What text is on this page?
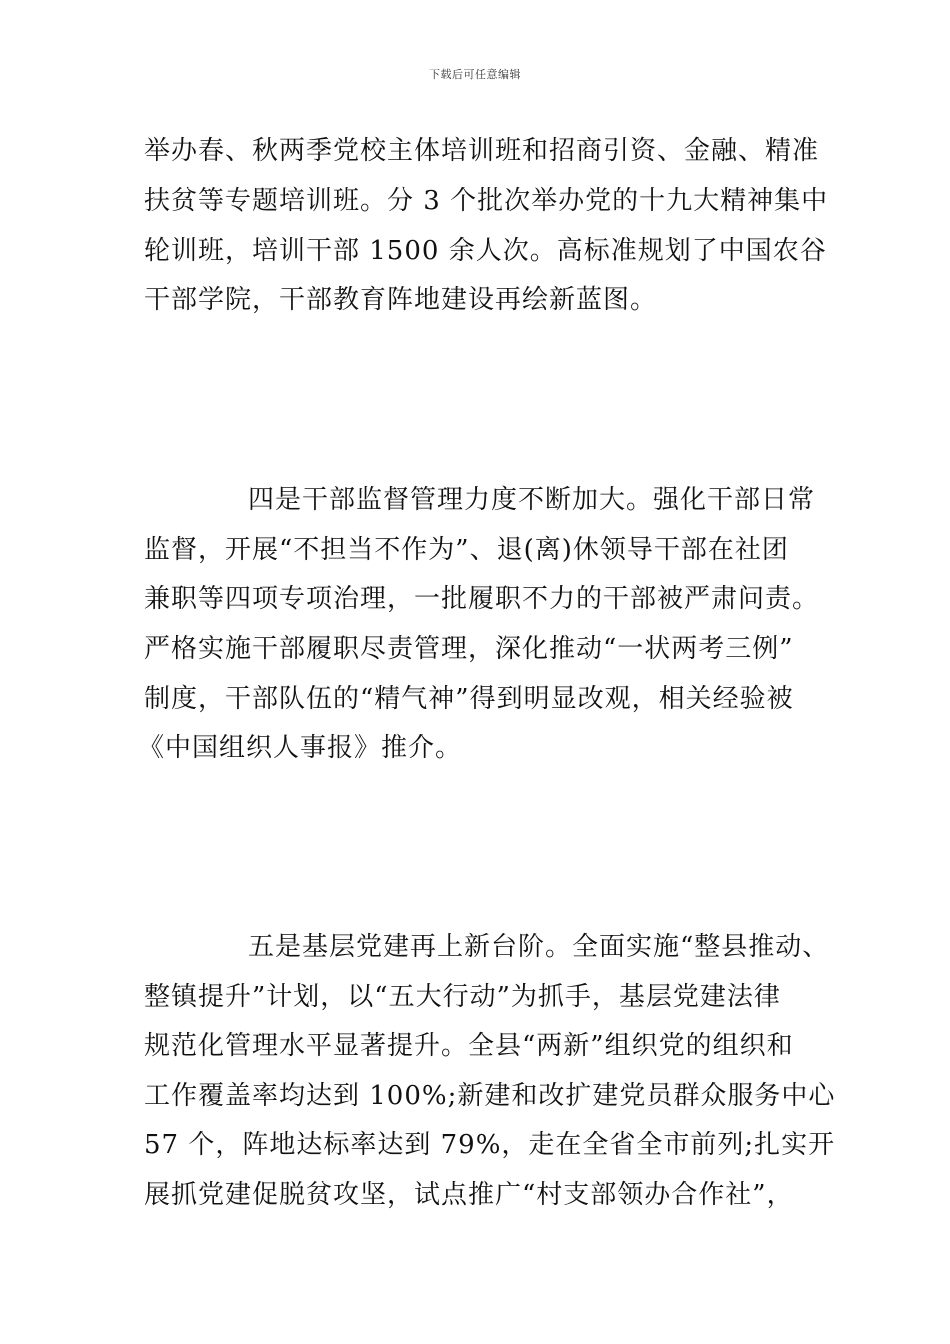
下载后可任意编辑
举办春、秋两季党校主体培训班和招商引资、金融、精准
扶贫等专题培训班。分 3 个批次举办党的十九大精神集中
轮训班，培训干部 1500 余人次。高标准规划了中国农谷
干部学院，干部教育阵地建设再绘新蓝图。
四是干部监督管理力度不断加大。强化干部日常
监督，开展“不担当不作为”、退(离)休领导干部在社团
兼职等四项专项治理，一批履职不力的干部被严肃问责。
严格实施干部履职尽责管理，深化推动“一状两考三例”
制度，干部队伍的“精气神”得到明显改观，相关经验被
《中国组织人事报》推介。
五是基层党建再上新台阶。全面实施“整县推动、
整镇提升”计划，以“五大行动”为抓手，基层党建法律
规范化管理水平显著提升。全县“两新”组织党的组织和
工作覆盖率均达到 100%;新建和改扩建党员群众服务中心
57 个，阵地达标率达到 79%，走在全省全市前列;扎实开
展抓党建促脱贫攻坚，试点推广“村支部领办合作社”，
